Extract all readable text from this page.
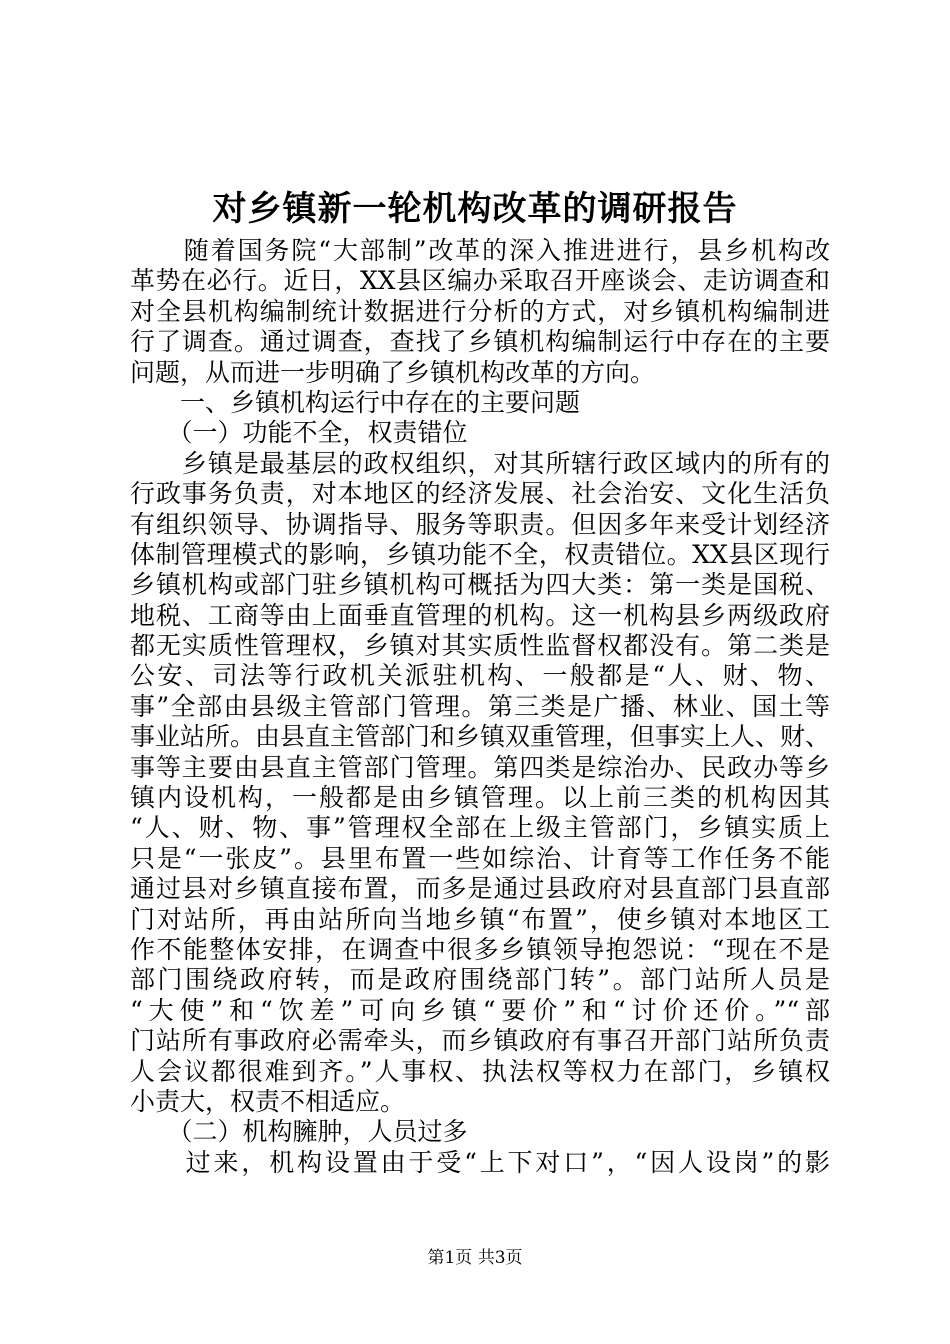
对乡镇新一轮机构改革的调研报告

　　随着国务院“大部制”改革的深入推进进行，县乡机构改

革势在必行。近日，XX县区编办采取召开座谈会、走访调查和

对全县机构编制统计数据进行分析的方式，对乡镇机构编制进

行了调查。通过调查，查找了乡镇机构编制运行中存在的主要

问题，从而进一步明确了乡镇机构改革的方向。

　　一、乡镇机构运行中存在的主要问题

　　（一）功能不全，权责错位

　　乡镇是最基层的政权组织，对其所辖行政区域内的所有的

行政事务负责，对本地区的经济发展、社会治安、文化生活负

有组织领导、协调指导、服务等职责。但因多年来受计划经济

体制管理模式的影响，乡镇功能不全，权责错位。XX县区现行

乡镇机构或部门驻乡镇机构可概括为四大类：第一类是国税、

地税、工商等由上面垂直管理的机构。这一机构县乡两级政府

都无实质性管理权，乡镇对其实质性监督权都没有。第二类是

公安、司法等行政机关派驻机构、一般都是“人、财、物、

事”全部由县级主管部门管理。第三类是广播、林业、国土等

事业站所。由县直主管部门和乡镇双重管理，但事实上人、财、

事等主要由县直主管部门管理。第四类是综治办、民政办等乡

镇内设机构，一般都是由乡镇管理。以上前三类的机构因其

“人、财、物、事”管理权全部在上级主管部门，乡镇实质上

只是“一张皮”。县里布置一些如综治、计育等工作任务不能

通过县对乡镇直接布置，而多是通过县政府对县直部门县直部

门对站所，再由站所向当地乡镇“布置”，使乡镇对本地区工

作不能整体安排，在调查中很多乡镇领导抱怨说：“现在不是

部门围绕政府转，而是政府围绕部门转”。部门站所人员是

“大使”和“饮差”可向乡镇“要价”和“讨价还价。”“部

门站所有事政府必需牵头，而乡镇政府有事召开部门站所负责

人会议都很难到齐。”人事权、执法权等权力在部门，乡镇权

小责大，权责不相适应。

　　（二）机构臃肿，人员过多

　　过来，机构设置由于受“上下对口”，“因人设岗”的影

第1页 共3页
